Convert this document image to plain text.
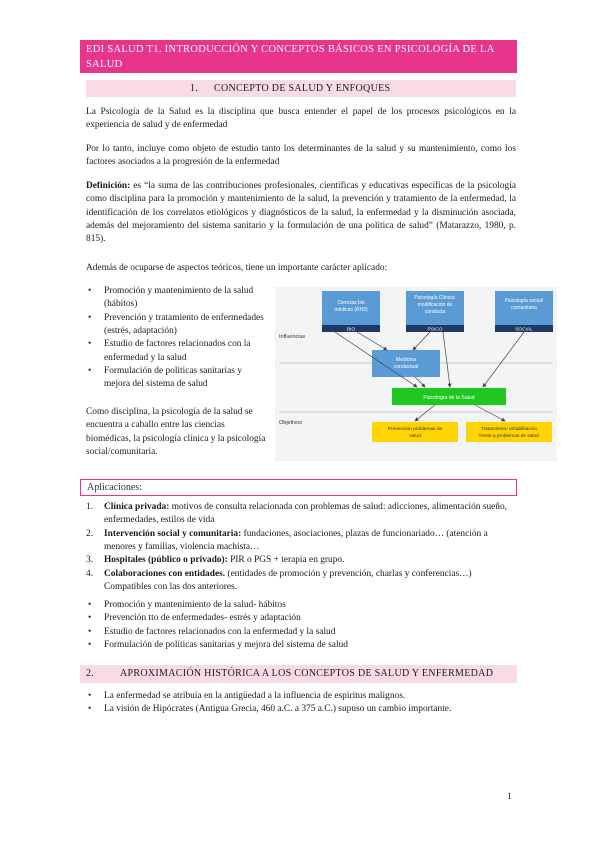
EDI SALUD T1. INTRODUCCIÓN Y CONCEPTOS BÁSICOS EN PSICOLOGÍA DE LA SALUD
1. CONCEPTO DE SALUD Y ENFOQUES

La Psicología de la Salud es la disciplina que busca entender el papel de los procesos psicológicos en la experiencia de salud y de enfermedad

Por lo tanto, incluye como objeto de estudio tanto los determinantes de la salud y su mantenimiento, como los factores asociados a la progresión de la enfermedad

Definición: es “la suma de las contribuciones profesionales, científicas y educativas específicas de la psicología como disciplina para la promoción y mantenimiento de la salud, la prevención y tratamiento de la enfermedad, la identificación de los correlatos etiológicos y diagnósticos de la salud, la enfermedad y la disminución asociada, además del mejoramiento del sistema sanitario y la formulación de una política de salud” (Matarazzo, 1980, p. 815).

Además de ocuparse de aspectos teóricos, tiene un importante carácter aplicado:

• Promoción y mantenimiento de la salud (hábitos)
• Prevención y tratamiento de enfermedades (estrés, adaptación)
• Estudio de factores relacionados con la enfermedad y la salud
• Formulación de políticas sanitarias y mejora del sistema de salud

Como disciplina, la psicología de la salud se encuentra a caballo entre las ciencias biomédicas, la psicología clínica y la psicología social/comunitaria.

Influencias
Objetivos
Ciencias bio
médicas (RH2)
Psicología Clínica:
modificación de
conducta
Psicología social/
comunitaria
BIO	PSICO	SOCIAL
Medicina
conductual
Psicología de la Salud
Prevención problemas de
salud
Tratamiento/ rehabilitación
frente a problemas de salud
Aplicaciones:
1. Clínica privada: motivos de consulta relacionada con problemas de salud: adicciones, alimentación sueño, enfermedades, estilos de vida
2. Intervención social y comunitaria: fundaciones, asociaciones, plazas de funcionariado… (atención a menores y familias, violencia machista…
3. Hospitales (público o privado): PIR o PGS + terapia en grupo.
4. Colaboraciones con entidades. (entidades de promoción y prevención, charlas y conferencias…) Compatibles con las dos anteriores.
• Promoción y mantenimiento de la salud- hábitos
• Prevención tto de enfermedades- estrés y adaptación
• Estudio de factores relacionados con la enfermedad y la salud
• Formulación de políticas sanitarias y mejora del sistema de salud
2.	APROXIMACIÓN HISTÓRICA A LOS CONCEPTOS DE SALUD Y ENFERMEDAD
• La enfermedad se atribuía en la antigüedad a la influencia de espíritus malignos.
• La visión de Hipócrates (Antigua Grecia, 460 a.C. a 375 a.C.) supuso un cambio importante.
1
